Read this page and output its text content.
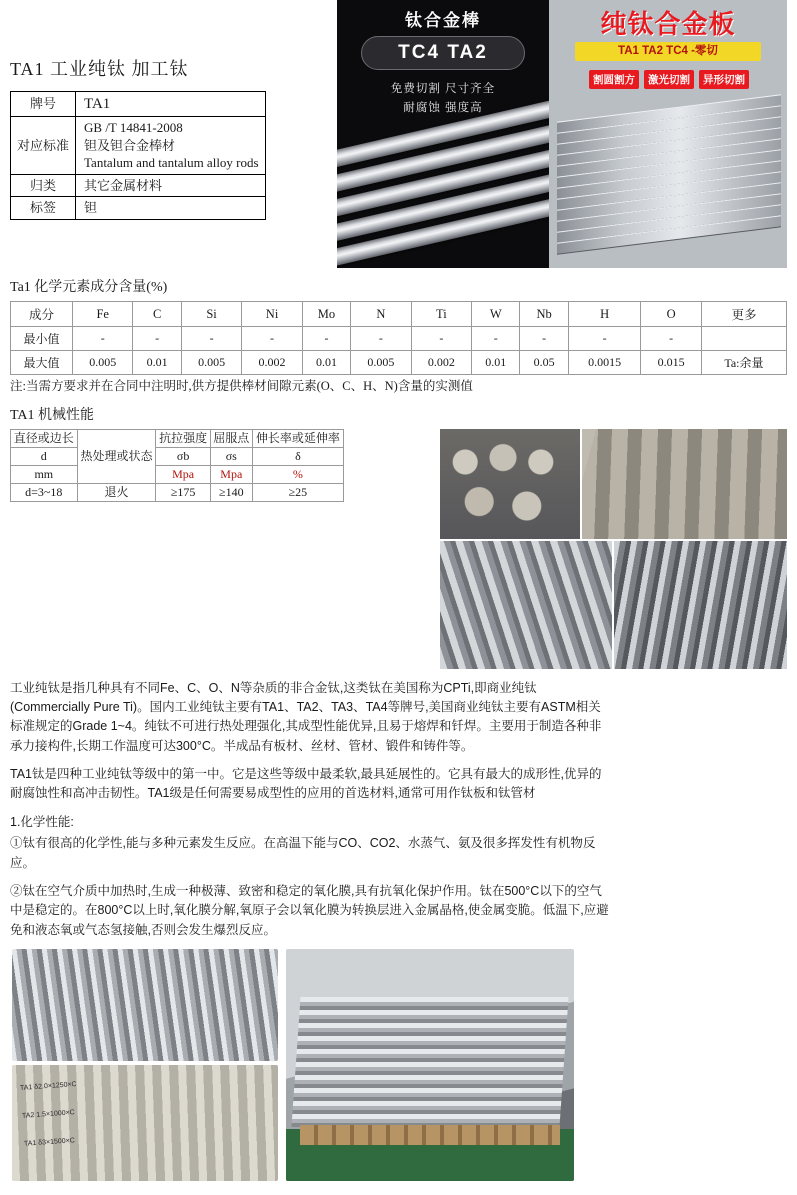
TA1 工业纯钛 加工钛
牌号	TA1
对应标准	GB /T 14841-2008
钽及钽合金棒材
Tantalum and tantalum alloy rods

归类	其它金属材料
标签	钽
钛合金棒
TC4 TA2
免费切割 尺寸齐全
耐腐蚀 强度高
纯钛合金板
TA1 TA2 TC4 -零切
割圆割方	激光切割	异形切割
Ta1 化学元素成分含量(%)
成分	Fe	C	Si	Ni	Mo	N	Ti	W	Nb	H	O	更多
最小值	-	-	-	-	-	-	-	-	-	-	-	
最大值	0.005	0.01	0.005	0.002	0.01	0.005	0.002	0.01	0.05	0.0015	0.015	Ta:余量
注:当需方要求并在合同中注明时,供方提供棒材间隙元素(O、C、H、N)含量的实测值
TA1 机械性能
直径或边长	热处理或状态	抗拉强度	屈服点	伸长率或延伸率
d		σb	σs	δ
mm		Mpa	Mpa	%
d=3~18	退火	≥175	≥140	≥25

工业纯钛是指几种具有不同Fe、C、O、N等杂质的非合金钛,这类钛在美国称为CPTi,即商业纯钛(Commercially Pure Ti)。国内工业纯钛主要有TA1、TA2、TA3、TA4等牌号,美国商业纯钛主要有ASTM相关标准规定的Grade 1~4。纯钛不可进行热处理强化,其成型性能优异,且易于熔焊和钎焊。主要用于制造各种非承力接构件,长期工作温度可达300°C。半成品有板材、丝材、管材、锻件和铸件等。

TA1钛是四种工业纯钛等级中的第一中。它是这些等级中最柔软,最具延展性的。它具有最大的成形性,优异的耐腐蚀性和高冲击韧性。TA1级是任何需要易成型性的应用的首选材料,通常可用作钛板和钛管材

1.化学性能:

①钛有很高的化学性,能与多种元素发生反应。在高温下能与CO、CO2、水蒸气、氨及很多挥发性有机物反应。

②钛在空气介质中加热时,生成一种极薄、致密和稳定的氧化膜,具有抗氧化保护作用。钛在500°C以下的空气中是稳定的。在800°C以上时,氧化膜分解,氧原子会以氧化膜为转换层进入金属晶格,使金属变脆。低温下,应避免和液态氧或气态氢接触,否则会发生爆烈反应。

TA1 δ2.0×1250×C
TA2 1.5×1000×C
TA1 δ3×1500×C
